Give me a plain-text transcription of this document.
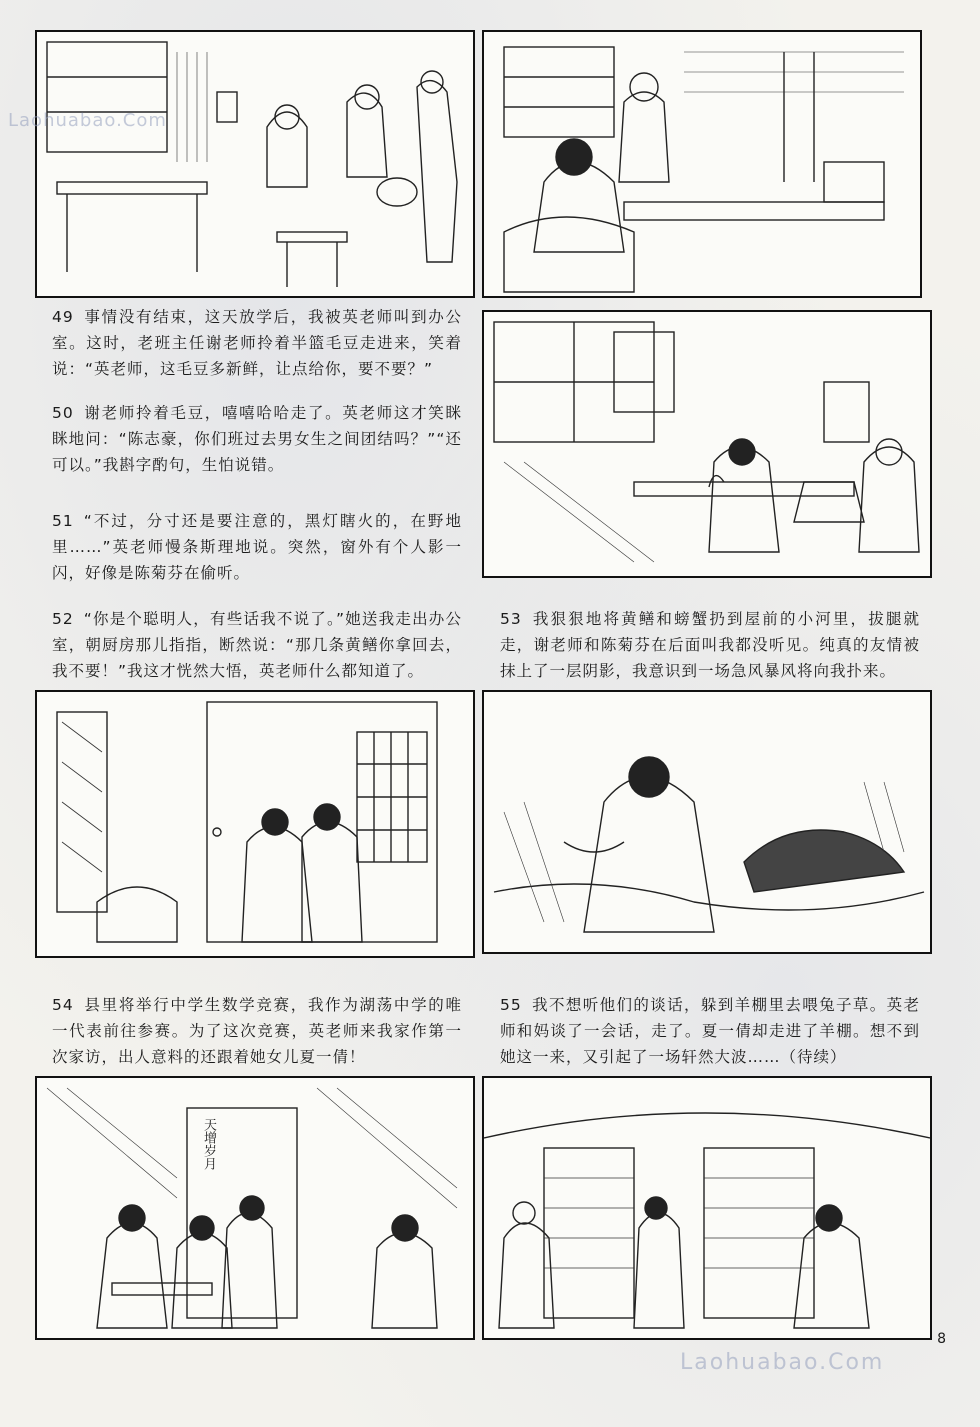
49 事情没有结束，这天放学后，我被英老师叫到办公室。这时，老班主任谢老师拎着半篮毛豆走进来，笑着说：“英老师，这毛豆多新鲜，让点给你，要不要？”
50 谢老师拎着毛豆，嘻嘻哈哈走了。英老师这才笑眯眯地问：“陈志豪，你们班过去男女生之间团结吗？”“还可以。”我斟字酌句，生怕说错。
51 “不过，分寸还是要注意的，黑灯瞎火的，在野地里……”英老师慢条斯理地说。突然，窗外有个人影一闪，好像是陈菊芬在偷听。
52 “你是个聪明人，有些话我不说了。”她送我走出办公室，朝厨房那儿指指，断然说：“那几条黄鳝你拿回去，我不要！”我这才恍然大悟，英老师什么都知道了。
53 我狠狠地将黄鳝和螃蟹扔到屋前的小河里，拔腿就走，谢老师和陈菊芬在后面叫我都没听见。纯真的友情被抹上了一层阴影，我意识到一场急风暴风将向我扑来。
54 县里将举行中学生数学竞赛，我作为湖荡中学的唯一代表前往参赛。为了这次竞赛，英老师来我家作第一次家访，出人意料的还跟着她女儿夏一倩！
55 我不想听他们的谈话，躲到羊棚里去喂兔子草。英老师和妈谈了一会话，走了。夏一倩却走进了羊棚。想不到她这一来，又引起了一场轩然大波……（待续）
天增岁月
Laohuabao.Com
Laohuabao.Com
8
